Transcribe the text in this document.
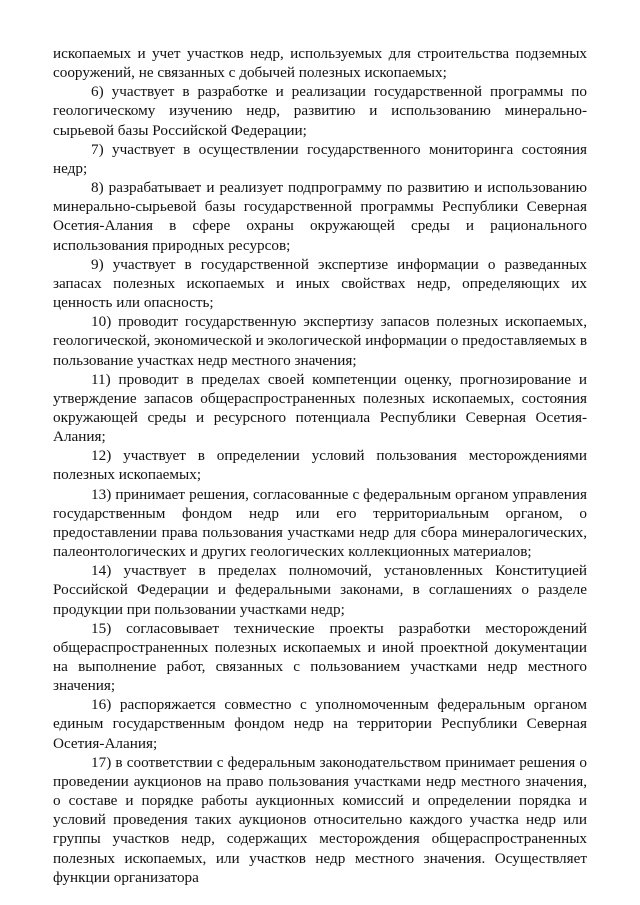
ископаемых и учет участков недр, используемых для строительства подземных сооружений, не связанных с добычей полезных ископаемых;

6) участвует в разработке и реализации государственной программы по геологическому изучению недр, развитию и использованию минерально-сырьевой базы Российской Федерации;

7) участвует в осуществлении государственного мониторинга состояния недр;

8) разрабатывает и реализует подпрограмму по развитию и использованию минерально-сырьевой базы государственной программы Республики Северная Осетия-Алания в сфере охраны окружающей среды и рационального использования природных ресурсов;

9) участвует в государственной экспертизе информации о разведанных запасах полезных ископаемых и иных свойствах недр, определяющих их ценность или опасность;

10) проводит государственную экспертизу запасов полезных ископаемых, геологической, экономической и экологической информации о предоставляемых в пользование участках недр местного значения;

11) проводит в пределах своей компетенции оценку, прогнозирование и утверждение запасов общераспространенных полезных ископаемых, состояния окружающей среды и ресурсного потенциала Республики Северная Осетия-Алания;

12) участвует в определении условий пользования месторождениями полезных ископаемых;

13) принимает решения, согласованные с федеральным органом управления государственным фондом недр или его территориальным органом, о предоставлении права пользования участками недр для сбора минералогических, палеонтологических и других геологических коллекционных материалов;

14) участвует в пределах полномочий, установленных Конституцией Российской Федерации и федеральными законами, в соглашениях о разделе продукции при пользовании участками недр;

15) согласовывает технические проекты разработки месторождений общераспространенных полезных ископаемых и иной проектной документации на выполнение работ, связанных с пользованием участками недр местного значения;

16) распоряжается совместно с уполномоченным федеральным органом единым государственным фондом недр на территории Республики Северная Осетия-Алания;

17) в соответствии с федеральным законодательством принимает решения о проведении аукционов на право пользования участками недр местного значения, о составе и порядке работы аукционных комиссий и определении порядка и условий проведения таких аукционов относительно каждого участка недр или группы участков недр, содержащих месторождения общераспространенных полезных ископаемых, или участков недр местного значения. Осуществляет функции организатора
